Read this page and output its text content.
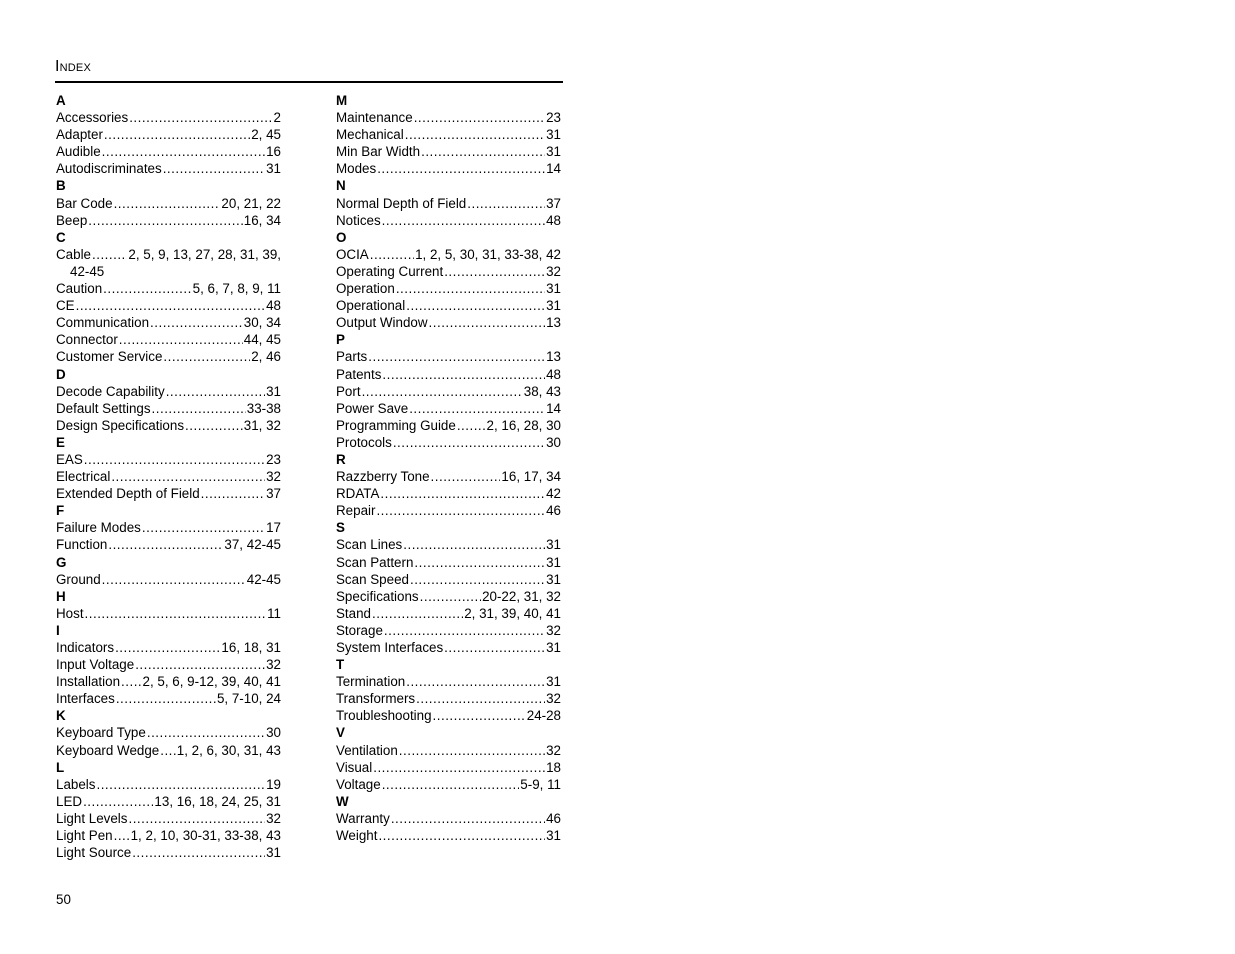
Index
A
Accessories .....	2
Adapter .....	2, 45
Audible .....	16
Autodiscriminates .....	31
B
Bar Code .....	20, 21, 22
Beep .....	16, 34
C
Cable .....	2, 5, 9, 13, 27, 28, 31, 39,
42-45
Caution .....	5, 6, 7, 8, 9, 11
CE .....	48
Communication .....	30, 34
Connector .....	44, 45
Customer Service .....	2, 46
D
Decode Capability .....	31
Default Settings .....	33-38
Design Specifications .....	31, 32
E
EAS .....	23
Electrical .....	32
Extended Depth of Field .....	37
F
Failure Modes .....	17
Function .....	37, 42-45
G
Ground .....	42-45
H
Host .....	11
I
Indicators .....	16, 18, 31
Input Voltage .....	32
Installation ..... 2, 5, 6, 9-12, 39, 40, 41
Interfaces .....	5, 7-10, 24
K
Keyboard Type .....	30
Keyboard Wedge ..... 1, 2, 6, 30, 31, 43
L
Labels .....	19
LED .....	13, 16, 18, 24, 25, 31
Light Levels .....	32
Light Pen ..... 1, 2, 10, 30-31, 33-38, 43
Light Source .....	31
M
Maintenance .....	23
Mechanical .....	31
Min Bar Width .....	31
Modes .....	14
N
Normal Depth of Field .....	37
Notices .....	48
O
OCIA .....	1, 2, 5, 30, 31, 33-38, 42
Operating Current .....	32
Operation .....	31
Operational .....	31
Output Window .....	13
P
Parts .....	13
Patents .....	48
Port .....	38, 43
Power Save .....	14
Programming Guide ..... 2, 16, 28, 30
Protocols .....	30
R
Razzberry Tone .....	16, 17, 34
RDATA .....	42
Repair .....	46
S
Scan Lines .....	31
Scan Pattern .....	31
Scan Speed .....	31
Specifications .....	20-22, 31, 32
Stand .....	2, 31, 39, 40, 41
Storage .....	32
System Interfaces .....	31
T
Termination .....	31
Transformers .....	32
Troubleshooting .....	24-28
V
Ventilation .....	32
Visual .....	18
Voltage .....	5-9, 11
W
Warranty .....	46
Weight .....	31
50
